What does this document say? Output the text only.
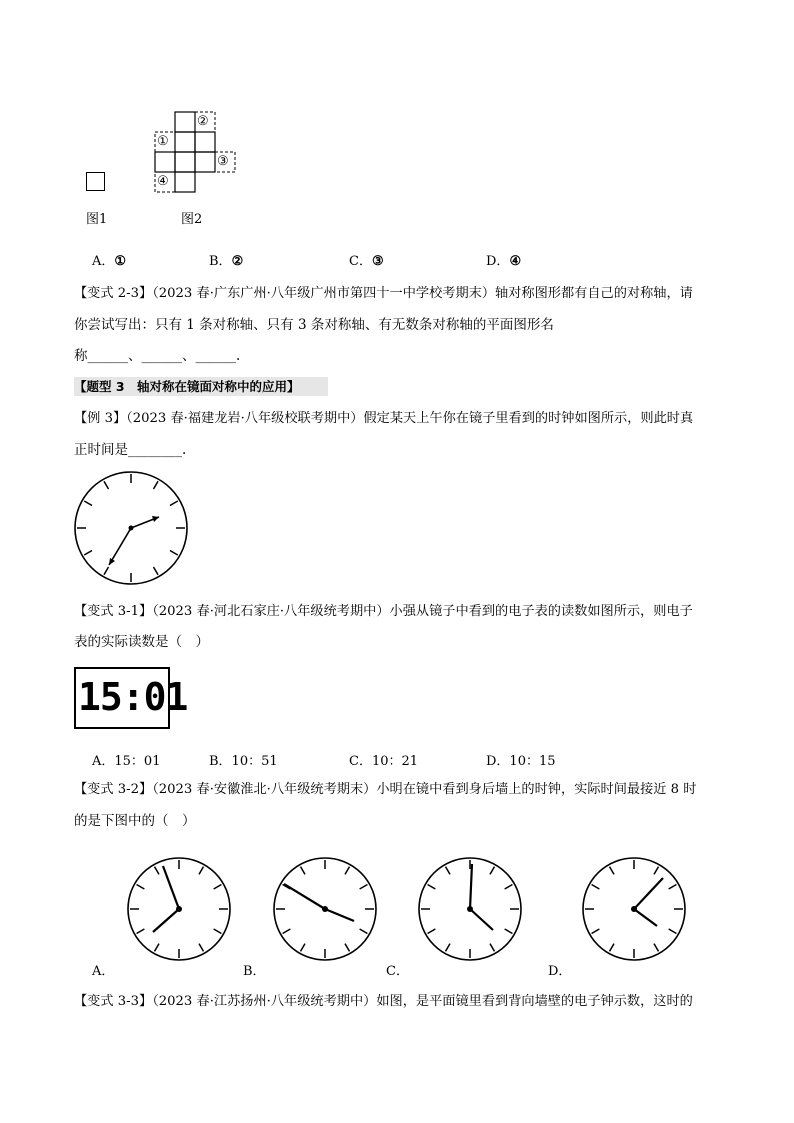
图1
①
②
③
④
图2
A．①	B．②	C．③	D．④
【变式 2-3】（2023 春·广东广州·八年级广州市第四十一中学校考期末）轴对称图形都有自己的对称轴，请
你尝试写出：只有 1 条对称轴、只有 3 条对称轴、有无数条对称轴的平面图形名
称______、______、______.
【题型 3　轴对称在镜面对称中的应用】
【例 3】（2023 春·福建龙岩·八年级校联考期中）假定某天上午你在镜子里看到的时钟如图所示，则此时真
正时间是________.
【变式 3-1】（2023 春·河北石家庄·八年级统考期中）小强从镜子中看到的电子表的读数如图所示，则电子
表的实际读数是（　）
15:01
A．15：01	B．10：51	C．10：21	D．10：15
【变式 3-2】（2023 春·安徽淮北·八年级统考期末）小明在镜中看到身后墙上的时钟，实际时间最接近 8 时
的是下图中的（　）
A．	B．	C．	D．
【变式 3-3】（2023 春·江苏扬州·八年级统考期中）如图，是平面镜里看到背向墙壁的电子钟示数，这时的
